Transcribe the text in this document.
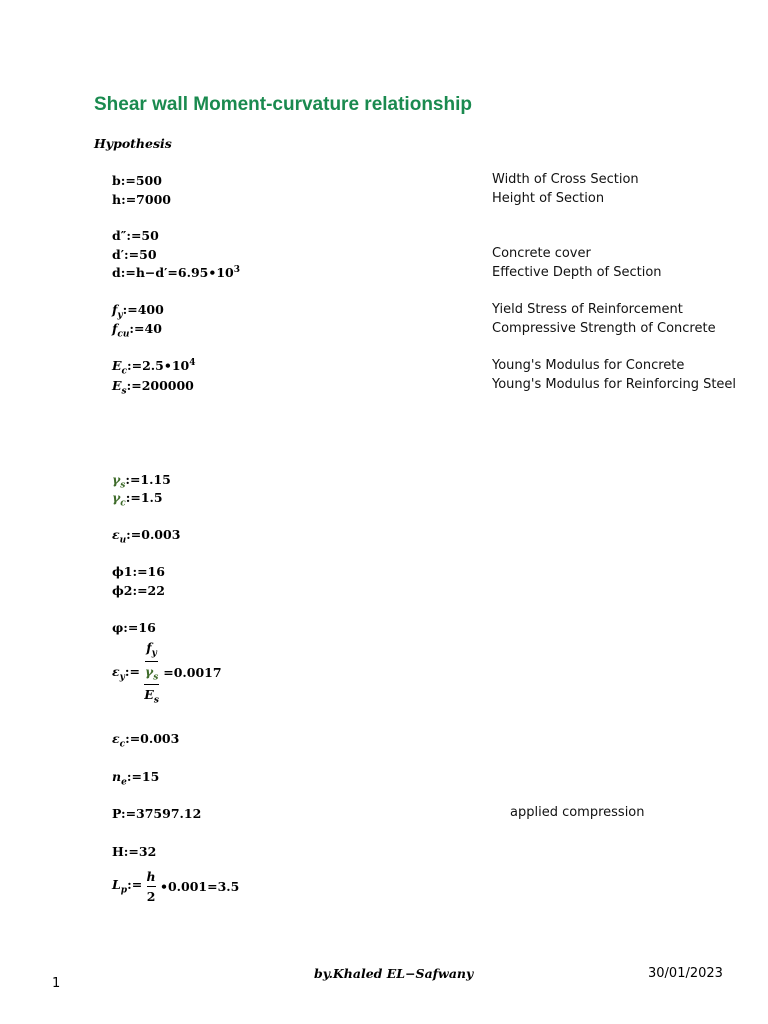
Shear wall Moment-curvature relationship
Hypothesis
b:=500
h:=7000
d″:=50
d′:=50
$d:=h-d'=6.95•10^3$
$f_y:=400$
$f_{cu}:=40$
$E_c:=2.5•10^4$
$E_s:=200000$
$\gamma_s:=1.15$
$\gamma_c:=1.5$
$\varepsilon_u:=0.003$
ϕ1:=16
ϕ2:=22
φ:=16
$\varepsilon_y:= \frac{\frac{f_y}{\gamma_s}}{E_s} =0.0017$
$\varepsilon_c:=0.003$
$n_e:=15$
P:=37597.12
H:=32
$L_p:= \frac{h}{2}$ •0.001=3.5
Width of Cross Section
Height of Section
Concrete cover
Effective Depth of Section
Yield Stress of Reinforcement
Compressive Strength of Concrete
Young's Modulus for Concrete
Young's Modulus for Reinforcing Steel
applied compression
1
by.Khaled EL−Safwany	30/01/2023
